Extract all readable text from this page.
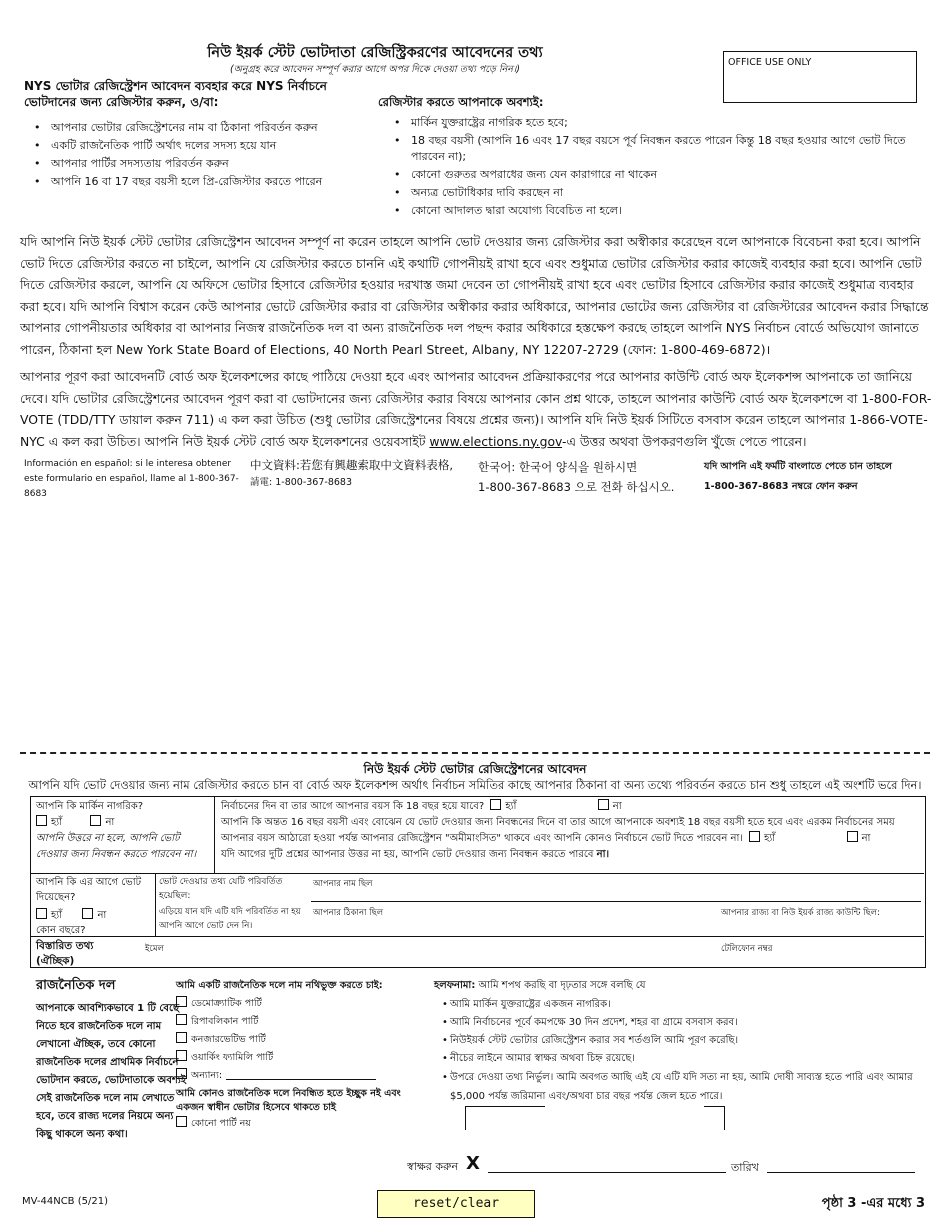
নিউ ইয়র্ক স্টেট ভোটদাতা রেজিস্ট্রিকরণের আবেদনের তথ্য
(অনুগ্রহ করে আবেদন সম্পূর্ণ করার আগে অপর দিকে দেওয়া তথ্য পড়ে নিন।)
OFFICE USE ONLY
NYS ভোটার রেজিস্ট্রেশন আবেদন ব্যবহার করে NYS নির্বাচনে ভোটদানের জন্য রেজিস্টার করুন, ও/বা:
• আপনার ভোটার রেজিস্ট্রেশনের নাম বা ঠিকানা পরিবর্তন করুন
• একটি রাজনৈতিক পার্টি অর্থাৎ দলের সদস্য হয়ে যান
• আপনার পার্টির সদস্যতায় পরিবর্তন করুন
• আপনি 16 বা 17 বছর বয়সী হলে প্রি-রেজিস্টার করতে পারেন
রেজিস্টার করতে আপনাকে অবশ্যই:
• মার্কিন যুক্তরাষ্ট্রের নাগরিক হতে হবে;
• 18 বছর বয়সী (আপনি 16 এবং 17 বছর বয়সে পূর্ব নিবন্ধন করতে পারেন কিন্তু 18 বছর হওয়ার আগে ভোট দিতে পারবেন না);
• কোনো গুরুতর অপরাধের জন্য যেন কারাগারে না থাকেন
• অন্যত্র ভোটাধিকার দাবি করছেন না
• কোনো আদালত দ্বারা অযোগ্য বিবেচিত না হলে।
যদি আপনি নিউ ইয়র্ক স্টেট ভোটার রেজিস্ট্রেশন আবেদন সম্পূর্ণ না করেন তাহলে আপনি ভোট দেওয়ার জন্য রেজিস্টার করা অস্বীকার করেছেন বলে আপনাকে বিবেচনা করা হবে। আপনি ভোট দিতে রেজিস্টার করতে না চাইলে, আপনি যে রেজিস্টার করতে চাননি এই কথাটি গোপনীয়ই রাখা হবে এবং শুধুমাত্র ভোটার রেজিস্টার করার কাজেই ব্যবহার করা হবে। আপনি ভোট দিতে রেজিস্টার করলে, আপনি যে অফিসে ভোটার হিসাবে রেজিস্টার হওয়ার দরখাস্ত জমা দেবেন তা গোপনীয়ই রাখা হবে এবং ভোটার হিসাবে রেজিস্টার করার কাজেই শুধুমাত্র ব্যবহার করা হবে। যদি আপনি বিশ্বাস করেন কেউ আপনার ভোটে রেজিস্টার করার বা রেজিস্টার অস্বীকার করার অধিকারে, আপনার ভোটের জন্য রেজিস্টার বা রেজিস্টারের আবেদন করার সিদ্ধান্তে আপনার গোপনীয়তার অধিকার বা আপনার নিজস্ব রাজনৈতিক দল বা অন্য রাজনৈতিক দল পছন্দ করার অধিকারে হস্তক্ষেপ করছে তাহলে আপনি NYS নির্বাচন বোর্ডে অভিযোগ জানাতে পারেন, ঠিকানা হল New York State Board of Elections, 40 North Pearl Street, Albany, NY 12207-2729 (ফোন: 1-800-469-6872)।
আপনার পূরণ করা আবেদনটি বোর্ড অফ ইলেকশন্সের কাছে পাঠিয়ে দেওয়া হবে এবং আপনার আবেদন প্রক্রিয়াকরণের পরে আপনার কাউন্টি বোর্ড অফ ইলেকশন্স আপনাকে তা জানিয়ে দেবে। যদি ভোটার রেজিস্ট্রেশনের আবেদন পূরণ করা বা ভোটদানের জন্য রেজিস্টার করার বিষয়ে আপনার কোন প্রশ্ন থাকে, তাহলে আপনার কাউন্টি বোর্ড অফ ইলেকশন্সে বা 1-800-FOR-VOTE (TDD/TTY ডায়াল করুন 711) এ কল করা উচিত (শুধু ভোটার রেজিস্ট্রেশনের বিষয়ে প্রশ্নের জন্য)। আপনি যদি নিউ ইয়র্ক সিটিতে বসবাস করেন তাহলে আপনার 1-866-VOTE-NYC এ কল করা উচিত। আপনি নিউ ইয়র্ক স্টেট বোর্ড অফ ইলেকশনের ওয়েবসাইট www.elections.ny.gov-এ উত্তর অথবা উপকরণগুলি খুঁজে পেতে পারেন।
Información en español: si le interesa obtener este formulario en español, llame al 1-800-367-8683
中文資料:若您有興趣索取中文資料表格,
請電: 1-800-367-8683
한국어: 한국어 양식을 원하시면
1-800-367-8683 으로 전화 하십시오.
যদি আপনি এই ফর্মটি বাংলাতে পেতে চান তাহলে
1-800-367-8683 নম্বরে ফোন করুন
নিউ ইয়র্ক স্টেট ভোটার রেজিস্ট্রেশনের আবেদন
আপনি যদি ভোট দেওয়ার জন্য নাম রেজিস্টার করতে চান বা বোর্ড অফ ইলেকশন্স অর্থাৎ নির্বাচন সমিতির কাছে আপনার ঠিকানা বা অন্য তথ্যে পরিবর্তন করতে চান শুধু তাহলে এই অংশটি ভরে দিন।
আপনি কি মার্কিন নাগরিক?
হ্যাঁ	না
আপনি উত্তরে না হলে, আপনি ভোট দেওয়ার জন্য নিবন্ধন করতে পারবেন না।
নির্বাচনের দিন বা তার আগে আপনার বয়স কি 18 বছর হয়ে যাবে? হ্যাঁ	না
আপনি কি অন্তত 16 বছর বয়সী এবং বোঝেন যে ভোট দেওয়ার জন্য নিবন্ধনের দিনে বা তার আগে আপনাকে অবশ্যই 18 বছর বয়সী হতে হবে এবং এরকম নির্বাচনের সময় আপনার বয়স আঠারো হওয়া পর্যন্ত আপনার রেজিস্ট্রেশন "অমীমাংসিত" থাকবে এবং আপনি কোনও নির্বাচনে ভোট দিতে পারবেন না। হ্যাঁ	না
যদি আগের দুটি প্রশ্নের আপনার উত্তর না হয়, আপনি ভোট দেওয়ার জন্য নিবন্ধন করতে পারবে না।
আপনি কি এর আগে ভোট দিয়েছেন?
হ্যাঁ	না
কোন বছরে?
ভোট দেওয়ার তথ্য যেটি পরিবর্তিত হয়েছিল:
এড়িয়ে যান যদি এটি যদি পরিবর্তিত না হয় আপনি আগে ভোট দেন নি।
আপনার নাম ছিল
আপনার ঠিকানা ছিল	আপনার রাজ্য বা নিউ ইয়র্ক রাজ্য কাউন্টি ছিল:
বিস্তারিত তথ্য (ঐচ্ছিক)
ইমেল	টেলিফোন নম্বর
রাজনৈতিক দল

আপনাকে আবশ্যিকভাবে 1 টি বেছে নিতে হবে রাজনৈতিক দলে নাম লেখানো ঐচ্ছিক, তবে কোনো রাজনৈতিক দলের প্রাথমিক নির্বাচনে ভোটদান করতে, ভোটদাতাকে অবশ্যই সেই রাজনৈতিক দলে নাম লেখাতে হবে, তবে রাজ্য দলের নিয়মে অন্য কিছু থাকলে অন্য কথা।

আমি একটি রাজনৈতিক দলে নাম নথিভুক্ত করতে চাই:
ডেমোক্র্যাটিক পার্টি
রিপাবলিকান পার্টি
কনজারভেটিভ পার্টি
ওয়ার্কিং ফ্যামিলি পার্টি
অন্যান্য:
আমি কোনও রাজনৈতিক দলে নিবন্ধিত হতে ইচ্ছুক নই এবং একজন স্বাধীন ভোটার হিসেবে থাকতে চাই
কোনো পার্টি নয়
হলফনামা: আমি শপথ করছি বা দৃঢ়তার সঙ্গে বলছি যে
• আমি মার্কিন যুক্তরাষ্ট্রের একজন নাগরিক।
• আমি নির্বাচনের পূর্বে কমপক্ষে 30 দিন প্রদেশ, শহর বা গ্রামে বসবাস করব।
• নিউইয়র্ক স্টেট ভোটার রেজিস্ট্রেশন করার সব শর্তগুলি আমি পূরণ করেছি।
• নীচের লাইনে আমার স্বাক্ষর অথবা চিহ্ন রয়েছে।
• উপরে দেওয়া তথ্য নির্ভুল। আমি অবগত আছি এই যে এটি যদি সত্য না হয়, আমি দোষী সাব্যস্ত হতে পারি এবং আমার $5,000 পর্যন্ত জরিমানা এবং/অথবা চার বছর পর্যন্ত জেল হতে পারে।
স্বাক্ষর করুন X	তারিখ
MV-44NCB (5/21)	reset/clear	পৃষ্ঠা 3 -এর মধ্যে 3
